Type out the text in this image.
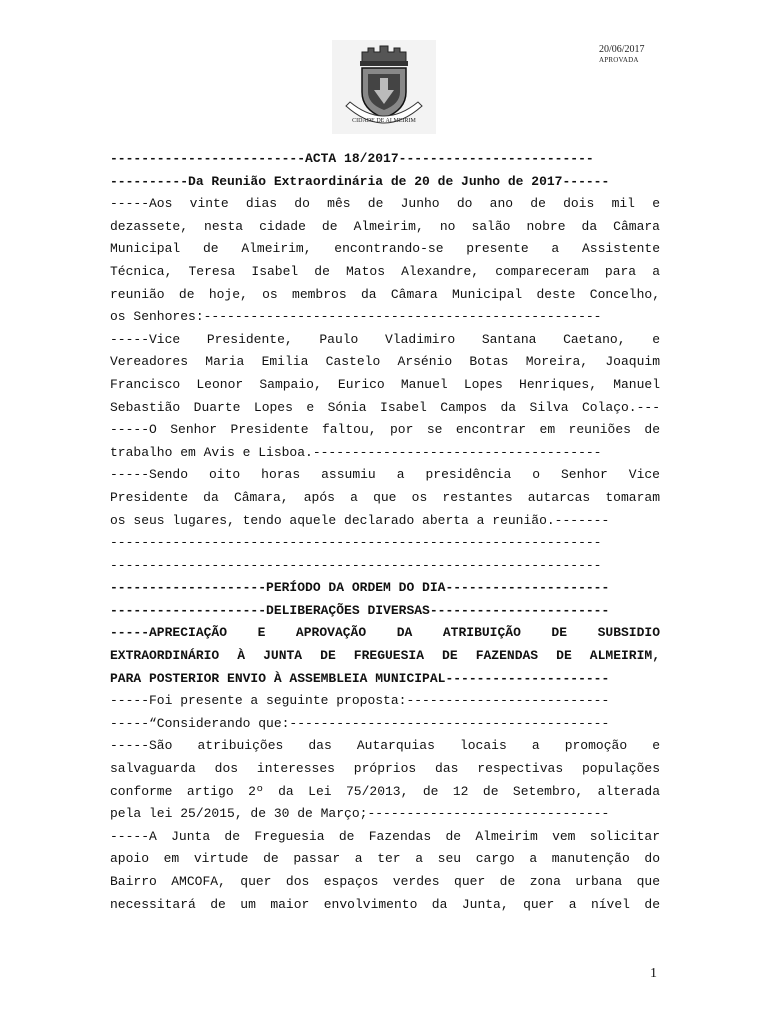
CIDADE DE ALMEIRIM
20/06/2017
APROVADA
-------------------------ACTA 18/2017-------------------------
----------Da Reunião Extraordinária de 20 de Junho de 2017------
-----Aos vinte dias do mês de Junho do ano de dois mil e
dezassete, nesta cidade de Almeirim, no salão nobre da Câmara
Municipal de Almeirim, encontrando-se presente a Assistente
Técnica, Teresa Isabel de Matos Alexandre, compareceram para a
reunião de hoje, os membros da Câmara Municipal deste Concelho,
os Senhores:---------------------------------------------------
-----Vice Presidente, Paulo Vladimiro Santana Caetano, e
Vereadores Maria Emilia Castelo Arsénio Botas Moreira, Joaquim
Francisco Leonor Sampaio, Eurico Manuel Lopes Henriques, Manuel
Sebastião Duarte Lopes e Sónia Isabel Campos da Silva Colaço.---
-----O Senhor Presidente faltou, por se encontrar em reuniões de
trabalho em Avis e Lisboa.-------------------------------------
-----Sendo oito horas assumiu a presidência o Senhor Vice
Presidente da Câmara, após a que os restantes autarcas tomaram
os seus lugares, tendo aquele declarado aberta a reunião.-------
---------------------------------------------------------------
---------------------------------------------------------------
--------------------PERÍODO DA ORDEM DO DIA---------------------
--------------------DELIBERAÇÕES DIVERSAS-----------------------
-----APRECIAÇÃO E APROVAÇÃO DA ATRIBUIÇÃO DE SUBSIDIO
EXTRAORDINÁRIO À JUNTA DE FREGUESIA DE FAZENDAS DE ALMEIRIM,
PARA POSTERIOR ENVIO À ASSEMBLEIA MUNICIPAL---------------------
-----Foi presente a seguinte proposta:--------------------------
-----“Considerando que:-----------------------------------------
-----São atribuições das Autarquias locais a promoção e
salvaguarda dos interesses próprios das respectivas populações
conforme artigo 2º da Lei 75/2013, de 12 de Setembro, alterada
pela lei 25/2015, de 30 de Março;-------------------------------
-----A Junta de Freguesia de Fazendas de Almeirim vem solicitar
apoio em virtude de passar a ter a seu cargo a manutenção do
Bairro AMCOFA, quer dos espaços verdes quer de zona urbana que
necessitará de um maior envolvimento da Junta, quer a nível de
1
